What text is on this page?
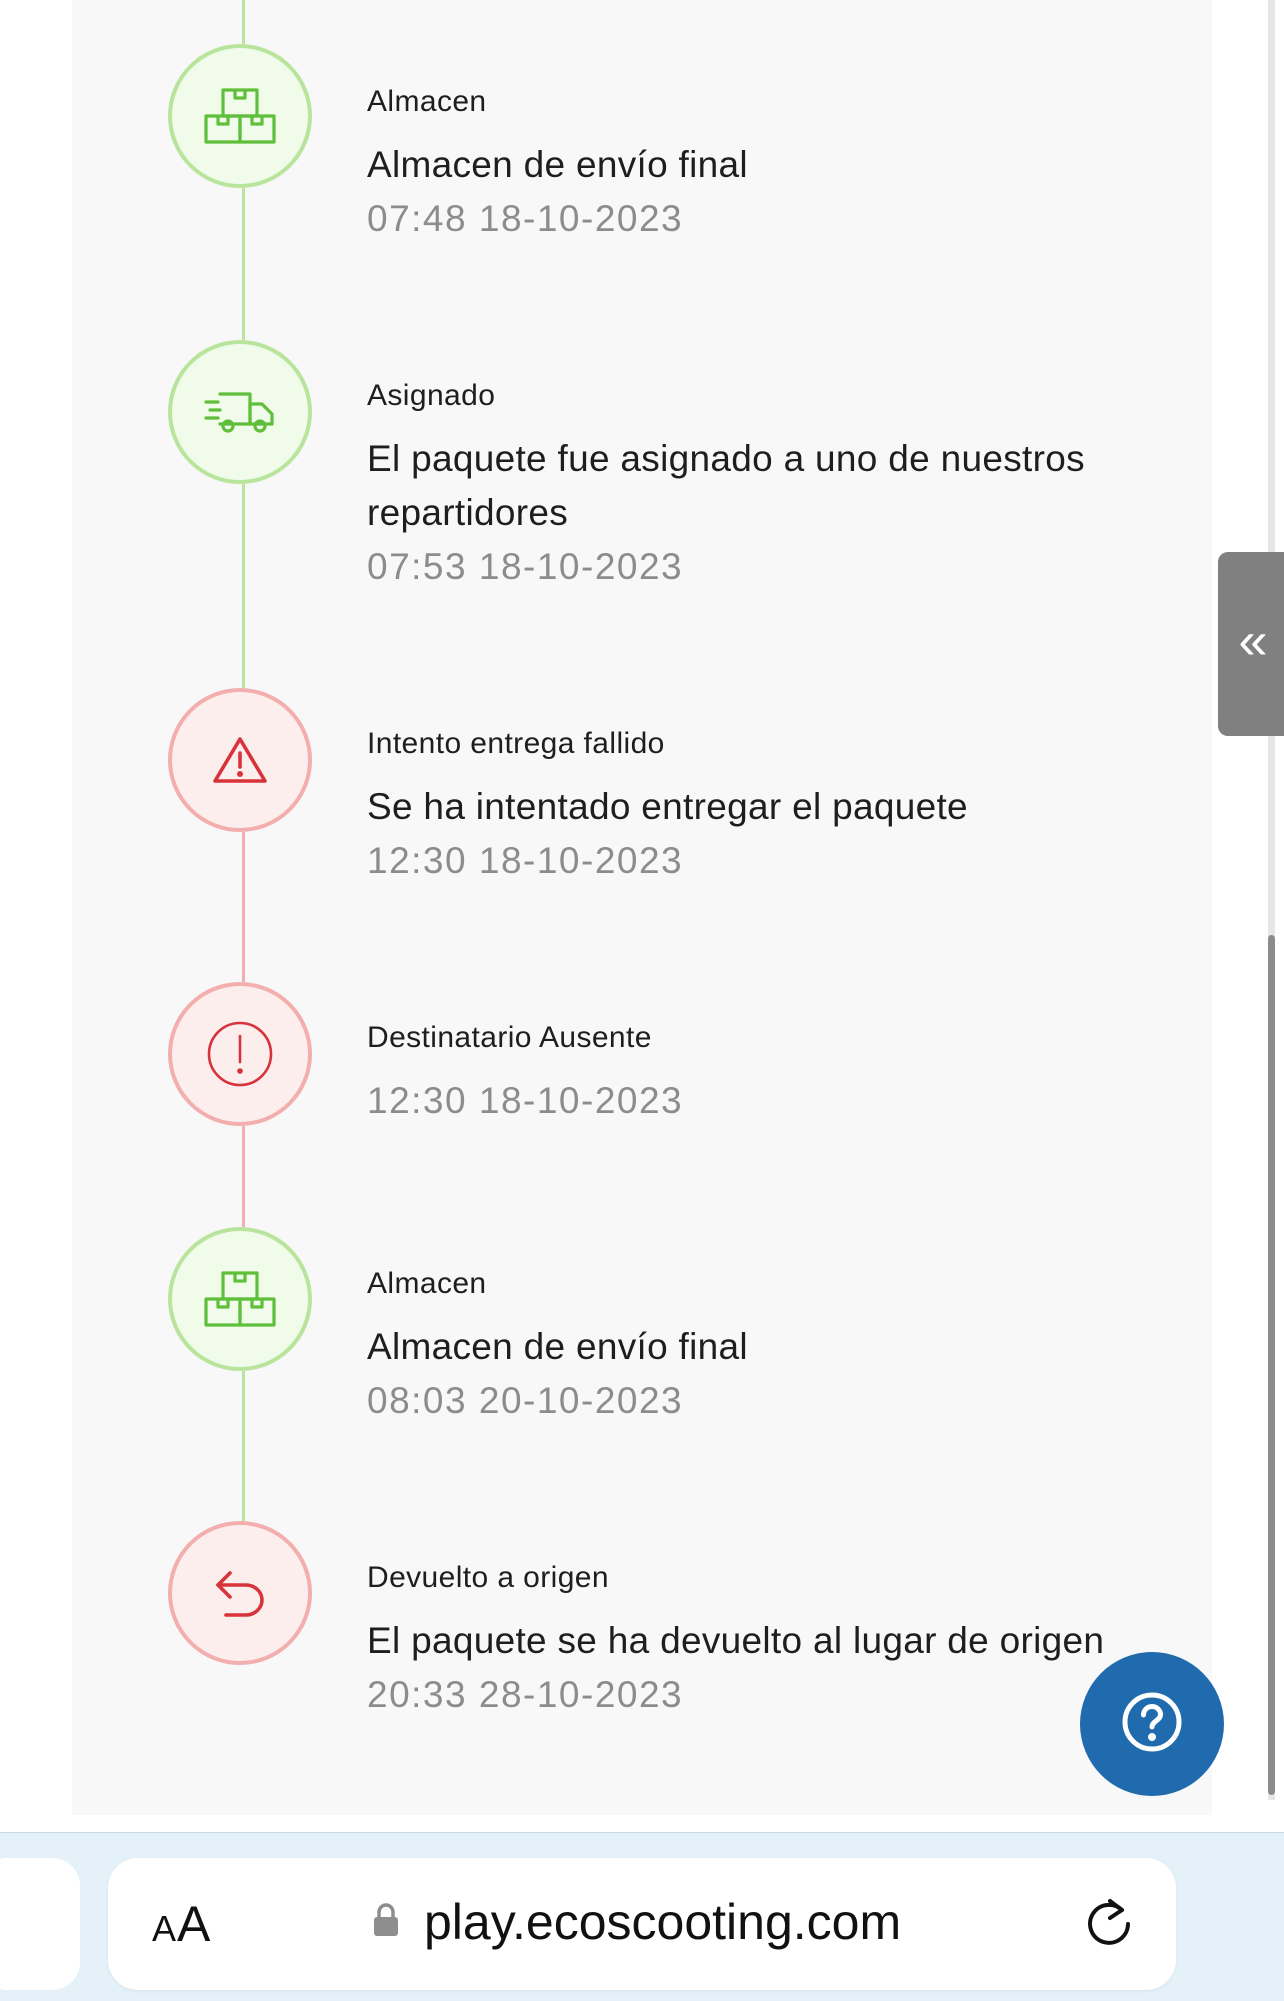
Almacen
Almacen de envío final
07:48 18-10-2023
Asignado
El paquete fue asignado a uno de nuestros repartidores
07:53 18-10-2023
Intento entrega fallido
Se ha intentado entregar el paquete
12:30 18-10-2023
Destinatario Ausente
12:30 18-10-2023
Almacen
Almacen de envío final
08:03 20-10-2023
Devuelto a origen
El paquete se ha devuelto al lugar de origen
20:33 28-10-2023
«
AA	play.ecoscooting.com
